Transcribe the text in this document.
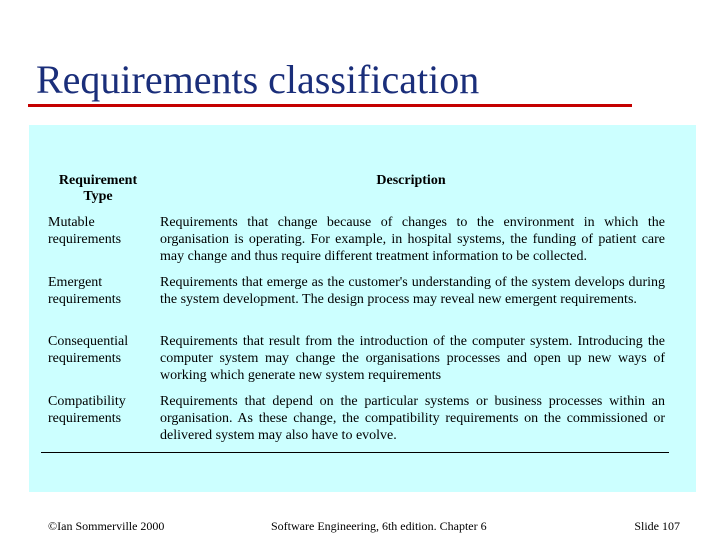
Requirements classification
Requirement Type
Description
Mutable requirements
Requirements that change because of changes to the environment in which the organisation is operating. For example, in hospital systems, the funding of patient care may change and thus require different treatment information to be collected.
Emergent requirements
Requirements that emerge as the customer's understanding of the system develops during the system development. The design process may reveal new emergent requirements.
Consequential requirements
Requirements that result from the introduction of the computer system. Introducing the computer system may change the organisations processes and open up new ways of working which generate new system requirements
Compatibility requirements
Requirements that depend on the particular systems or business processes within an organisation. As these change, the compatibility requirements on the commissioned or delivered system may also have to evolve.
©Ian Sommerville 2000	Software Engineering, 6th edition. Chapter 6	Slide 107
